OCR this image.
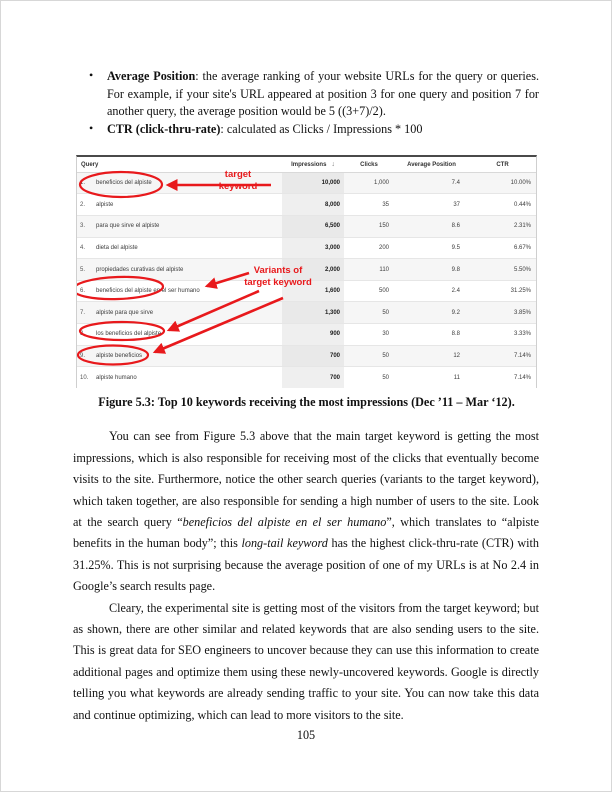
• Average Position: the average ranking of your website URLs for the query or queries. For example, if your site's URL appeared at position 3 for one query and position 7 for another query, the average position would be 5 ((3+7)/2).

• CTR (click-thru-rate): calculated as Clicks / Impressions * 100

Query		Impressions ↓	Clicks	Average Position	CTR
1.	beneficios del alpiste	10,000	1,000	7.4	10.00%
2.	alpiste	8,000	35	37	0.44%
3.	para que sirve el alpiste	6,500	150	8.6	2.31%
4.	dieta del alpiste	3,000	200	9.5	6.67%
5.	propiedades curativas del alpiste	2,000	110	9.8	5.50%
6.	beneficios del alpiste en el ser humano	1,600	500	2.4	31.25%
7.	alpiste para que sirve	1,300	50	9.2	3.85%
8.	los beneficios del alpiste	900	30	8.8	3.33%
9.	alpiste beneficios	700	50	12	7.14%
10.	alpiste humano	700	50	11	7.14%
target
keyword
Variants of
target keyword
Figure 5.3: Top 10 keywords receiving the most impressions (Dec ’11 – Mar ‘12).

You can see from Figure 5.3 above that the main target keyword is getting the most impressions, which is also responsible for receiving most of the clicks that eventually become visits to the site. Furthermore, notice the other search queries (variants to the target keyword), which taken together, are also responsible for sending a high number of users to the site. Look at the search query “beneficios del alpiste en el ser humano”, which translates to “alpiste benefits in the human body”; this long-tail keyword has the highest click-thru-rate (CTR) with 31.25%. This is not surprising because the average position of one of my URLs is at No 2.4 in Google’s search results page.

Cleary, the experimental site is getting most of the visitors from the target keyword; but as shown, there are other similar and related keywords that are also sending users to the site. This is great data for SEO engineers to uncover because they can use this information to create additional pages and optimize them using these newly-uncovered keywords. Google is directly telling you what keywords are already sending traffic to your site. You can now take this data and continue optimizing, which can lead to more visitors to the site.

105
